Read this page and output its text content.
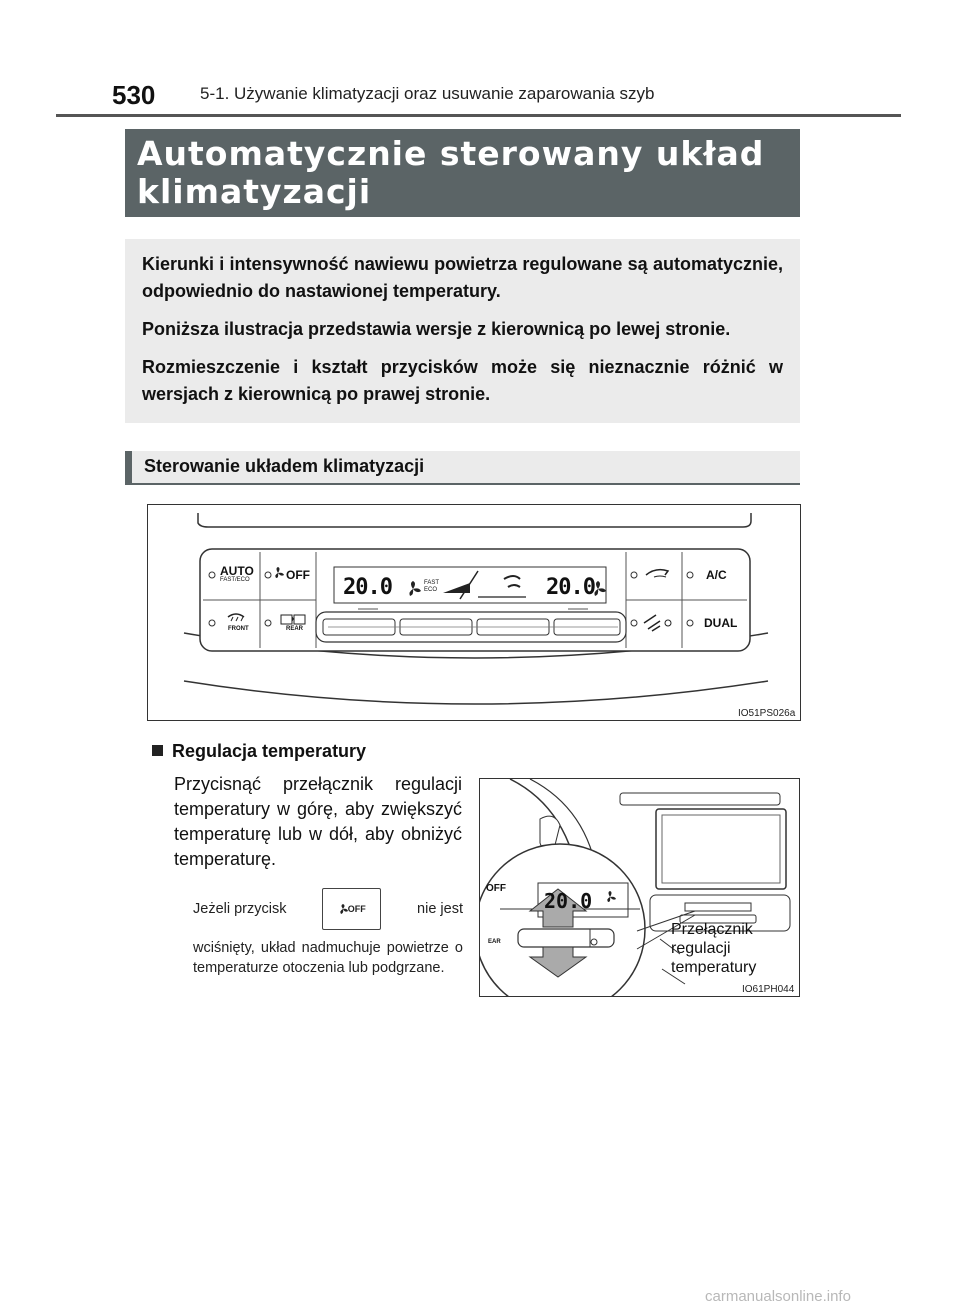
530	5-1. Używanie klimatyzacji oraz usuwanie zaparowania szyb
Automatycznie sterowany układ
klimatyzacji

Kierunki i intensywność nawiewu powietrza regulowane są automatycznie, odpowiednio do nastawionej temperatury.

Poniższa ilustracja przedstawia wersje z kierownicą po lewej stronie.

Rozmieszczenie i kształt przycisków może się nieznacznie różnić w wersjach z kierownicą po prawej stronie.

Sterowanie układem klimatyzacji
AUTO
FAST/ECO	OFF
FRONT	REAR
A/C
DUAL
20.0	20.0
FAST
ECO
IO51PS026a
Regulacja temperatury
Przycisnąć przełącznik regulacji temperatury w górę, aby zwiększyć temperaturę lub w dół, aby obniżyć temperaturę.
Jeżeli przycisk	OFF	nie jest

wciśnięty, układ nadmuchuje powietrze o temperaturze otoczenia lub podgrzane.

20.0
OFF
EAR
IO61PH044
Przełącznik
regulacji
temperatury
carmanualsonline.info
